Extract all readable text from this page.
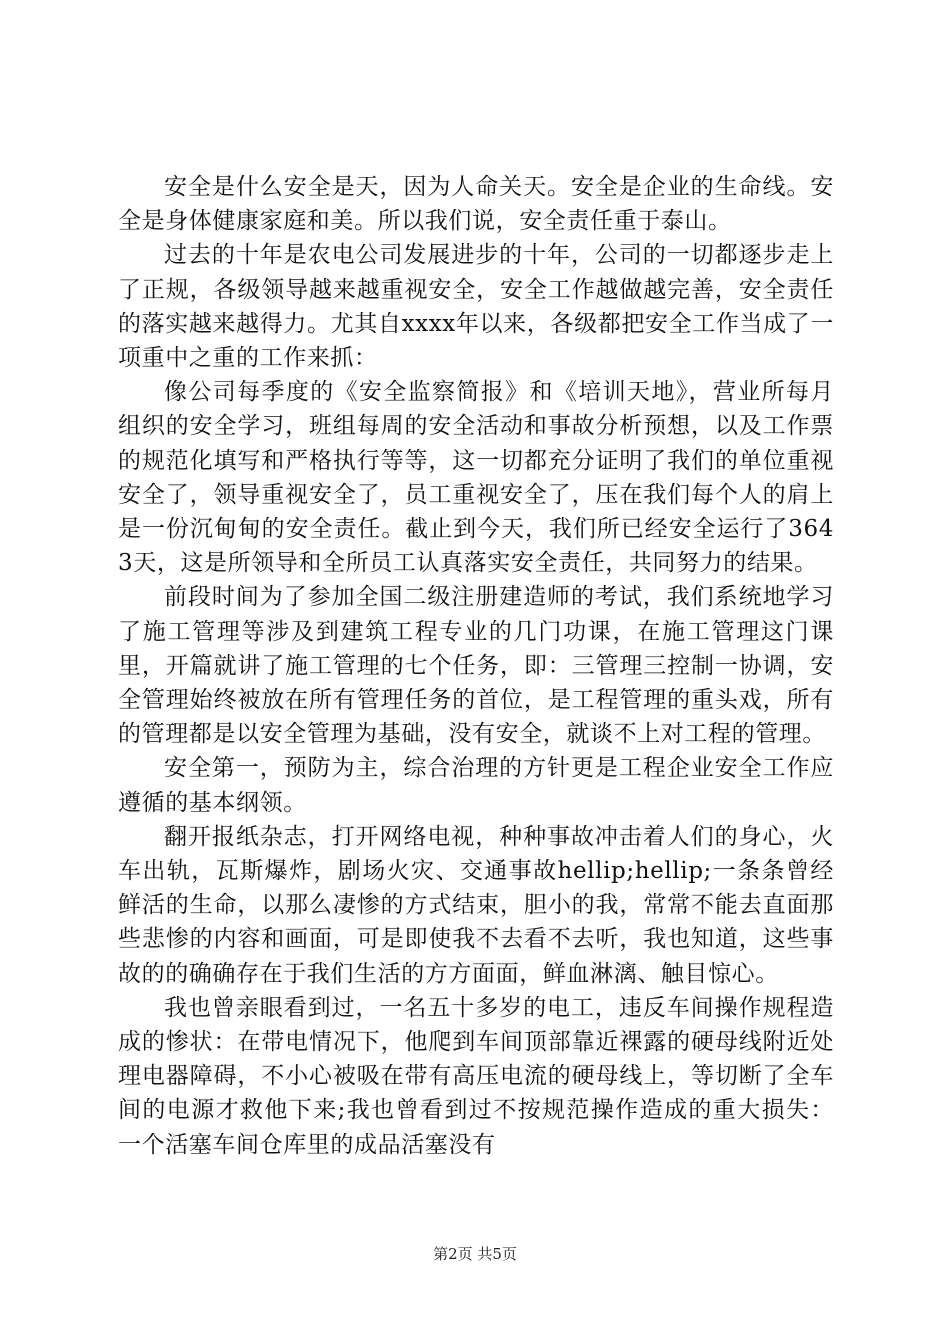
安全是什么安全是天，因为人命关天。安全是企业的生命线。安全是身体健康家庭和美。所以我们说，安全责任重于泰山。

过去的十年是农电公司发展进步的十年，公司的一切都逐步走上了正规，各级领导越来越重视安全，安全工作越做越完善，安全责任的落实越来越得力。尤其自xxxx年以来，各级都把安全工作当成了一项重中之重的工作来抓：

像公司每季度的《安全监察简报》和《培训天地》，营业所每月组织的安全学习，班组每周的安全活动和事故分析预想，以及工作票的规范化填写和严格执行等等，这一切都充分证明了我们的单位重视安全了，领导重视安全了，员工重视安全了，压在我们每个人的肩上是一份沉甸甸的安全责任。截止到今天，我们所已经安全运行了3643天，这是所领导和全所员工认真落实安全责任，共同努力的结果。

前段时间为了参加全国二级注册建造师的考试，我们系统地学习了施工管理等涉及到建筑工程专业的几门功课，在施工管理这门课里，开篇就讲了施工管理的七个任务，即：三管理三控制一协调，安全管理始终被放在所有管理任务的首位，是工程管理的重头戏，所有的管理都是以安全管理为基础，没有安全，就谈不上对工程的管理。

安全第一，预防为主，综合治理的方针更是工程企业安全工作应遵循的基本纲领。

翻开报纸杂志，打开网络电视，种种事故冲击着人们的身心，火车出轨，瓦斯爆炸，剧场火灾、交通事故hellip;hellip;一条条曾经鲜活的生命，以那么凄惨的方式结束，胆小的我，常常不能去直面那些悲惨的内容和画面，可是即使我不去看不去听，我也知道，这些事故的的确确存在于我们生活的方方面面，鲜血淋漓、触目惊心。

我也曾亲眼看到过，一名五十多岁的电工，违反车间操作规程造成的惨状：在带电情况下，他爬到车间顶部靠近裸露的硬母线附近处理电器障碍，不小心被吸在带有高压电流的硬母线上，等切断了全车间的电源才救他下来;我也曾看到过不按规范操作造成的重大损失：一个活塞车间仓库里的成品活塞没有

第2页 共5页
